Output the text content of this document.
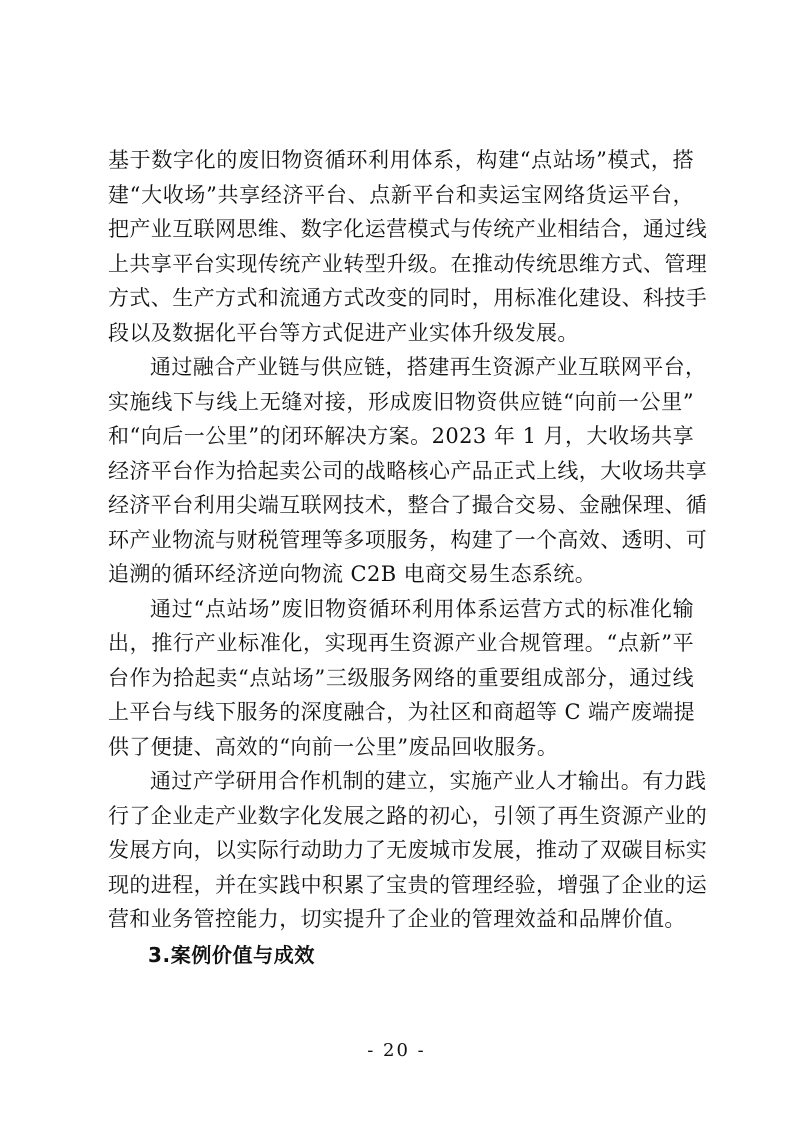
基于数字化的废旧物资循环利用体系，构建“点站场”模式，搭
建“大收场”共享经济平台、点新平台和卖运宝网络货运平台，
把产业互联网思维、数字化运营模式与传统产业相结合，通过线
上共享平台实现传统产业转型升级。在推动传统思维方式、管理
方式、生产方式和流通方式改变的同时，用标准化建设、科技手
段以及数据化平台等方式促进产业实体升级发展。
通过融合产业链与供应链，搭建再生资源产业互联网平台，
实施线下与线上无缝对接，形成废旧物资供应链“向前一公里”
和“向后一公里”的闭环解决方案。2023 年 1 月，大收场共享
经济平台作为拾起卖公司的战略核心产品正式上线，大收场共享
经济平台利用尖端互联网技术，整合了撮合交易、金融保理、循
环产业物流与财税管理等多项服务，构建了一个高效、透明、可
追溯的循环经济逆向物流 C2B 电商交易生态系统。
通过“点站场”废旧物资循环利用体系运营方式的标准化输
出，推行产业标准化，实现再生资源产业合规管理。“点新”平
台作为拾起卖“点站场”三级服务网络的重要组成部分，通过线
上平台与线下服务的深度融合，为社区和商超等 C 端产废端提
供了便捷、高效的“向前一公里”废品回收服务。
通过产学研用合作机制的建立，实施产业人才输出。有力践
行了企业走产业数字化发展之路的初心，引领了再生资源产业的
发展方向，以实际行动助力了无废城市发展，推动了双碳目标实
现的进程，并在实践中积累了宝贵的管理经验，增强了企业的运
营和业务管控能力，切实提升了企业的管理效益和品牌价值。
3.案例价值与成效
- 20 -
